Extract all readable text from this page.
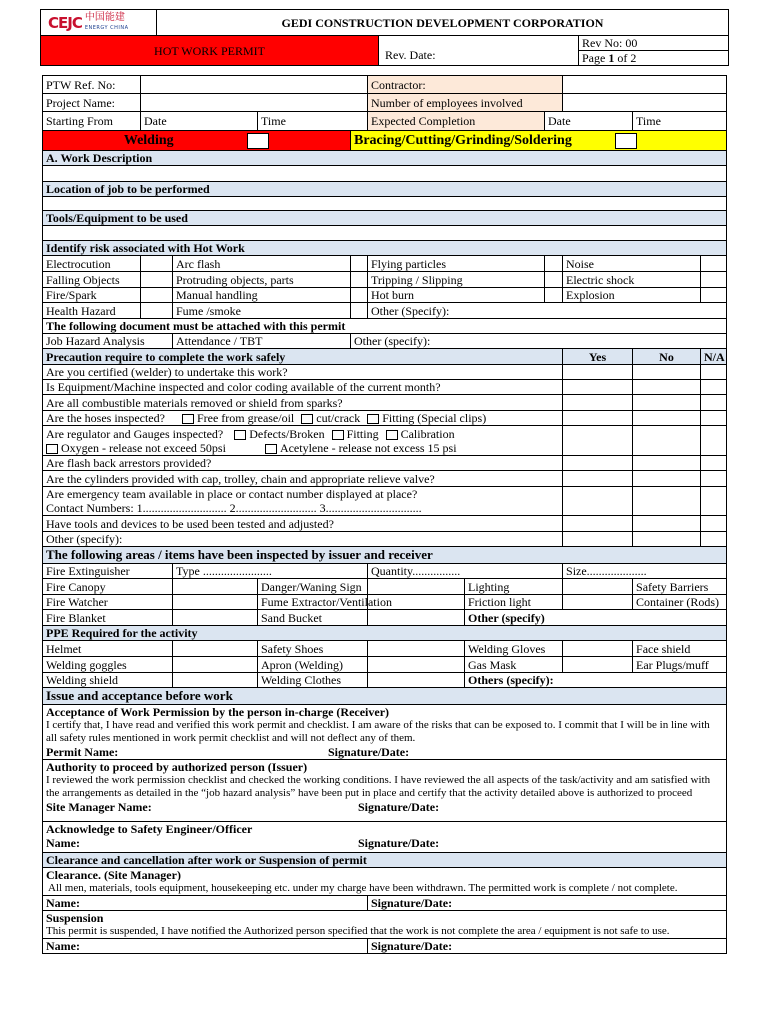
CEJC 中国能建
ENERGY CHINA	GEDI CONSTRUCTION DEVELOPMENT CORPORATION		
HOT WORK PERMIT			Rev No: 00
			Page 1 of 2
Rev. Date:
PTW Ref. No:					Contractor:					
Project Name:					Number of employees involved					
Starting From	Date		Time		Expected Completion		Date		Time	
Welding				Bracing/Cutting/Grinding/Soldering						
A. Work Description										

Location of job to be performed										

Tools/Equipment to be used										

Identify risk associated with Hot Work										
Electrocution		Arc flash			Flying particles			Noise		
Falling Objects		Protruding objects, parts			Tripping / Slipping			Electric shock		
Fire/Spark		Manual handling			Hot burn			Explosion		
Health Hazard		Fume /smoke			Other (Specify):					
The following document must be attached with this permit										
Job Hazard Analysis		Attendance / TBT		Other (specify):						
Precaution require to complete the work safely								Yes	No	N/A
Are you certified (welder) to undertake this work?										
Is Equipment/Machine inspected and color coding available of the current month?										
Are all combustible materials removed or shield from sparks?										
Are the hoses inspected? Free from grease/oil cut/crack Fitting (Special clips)										

Are regulator and Gauges inspected? Defects/Broken Fitting Calibration
Oxygen - release not exceed 50psi Acetylene - release not excess 15 psi										

Are flash back arrestors provided?										
Are the cylinders provided with cap, trolley, chain and appropriate relieve valve?										

Are emergency team available in place or contact number displayed at place?
Contact Numbers: 1............................ 2........................... 3................................										

Have tools and devices to be used been tested and adjusted?										
Other (specify):										
The following areas / items have been inspected by issuer and receiver										
Fire Extinguisher		Type .......................			Quantity................			Size....................		
Fire Canopy			Danger/Waning Sign			Lighting			Safety Barriers	
Fire Watcher			Fume Extractor/Ventilation			Friction light			Container (Rods)	
Fire Blanket			Sand Bucket			Other (specify)				
PPE Required for the activity										
Helmet			Safety Shoes			Welding Gloves			Face shield	
Welding goggles			Apron (Welding)			Gas Mask			Ear Plugs/muff	
Welding shield			Welding Clothes			Others (specify):				
Issue and acceptance before work										

Acceptance of Work Permission by the person in-charge (Receiver)
I certify that, I have read and verified this work permit and checklist. I am aware of the risks that can be exposed to. I commit that I will be in line with all safety rules mentioned in work permit checklist and will not deflect any of them.
Permit Name: Signature/Date:										

Authority to proceed by authorized person (Issuer)
I reviewed the work permission checklist and checked the working conditions. I have reviewed the all aspects of the task/activity and am satisfied with the arrangements as detailed in the “job hazard analysis” have been put in place and certify that the activity detailed above is authorized to proceed
Site Manager Name: Signature/Date:										

Acknowledge to Safety Engineer/Officer
Name: Signature/Date:										

Clearance and cancellation after work or Suspension of permit										

Clearance. (Site Manager)
All men, materials, tools equipment, housekeeping etc. under my charge have been withdrawn. The permitted work is complete / not complete.										

Name:					Signature/Date:					

Suspension
This permit is suspended, I have notified the Authorized person specified that the work is not complete the area / equipment is not safe to use.										

Name:					Signature/Date:					
